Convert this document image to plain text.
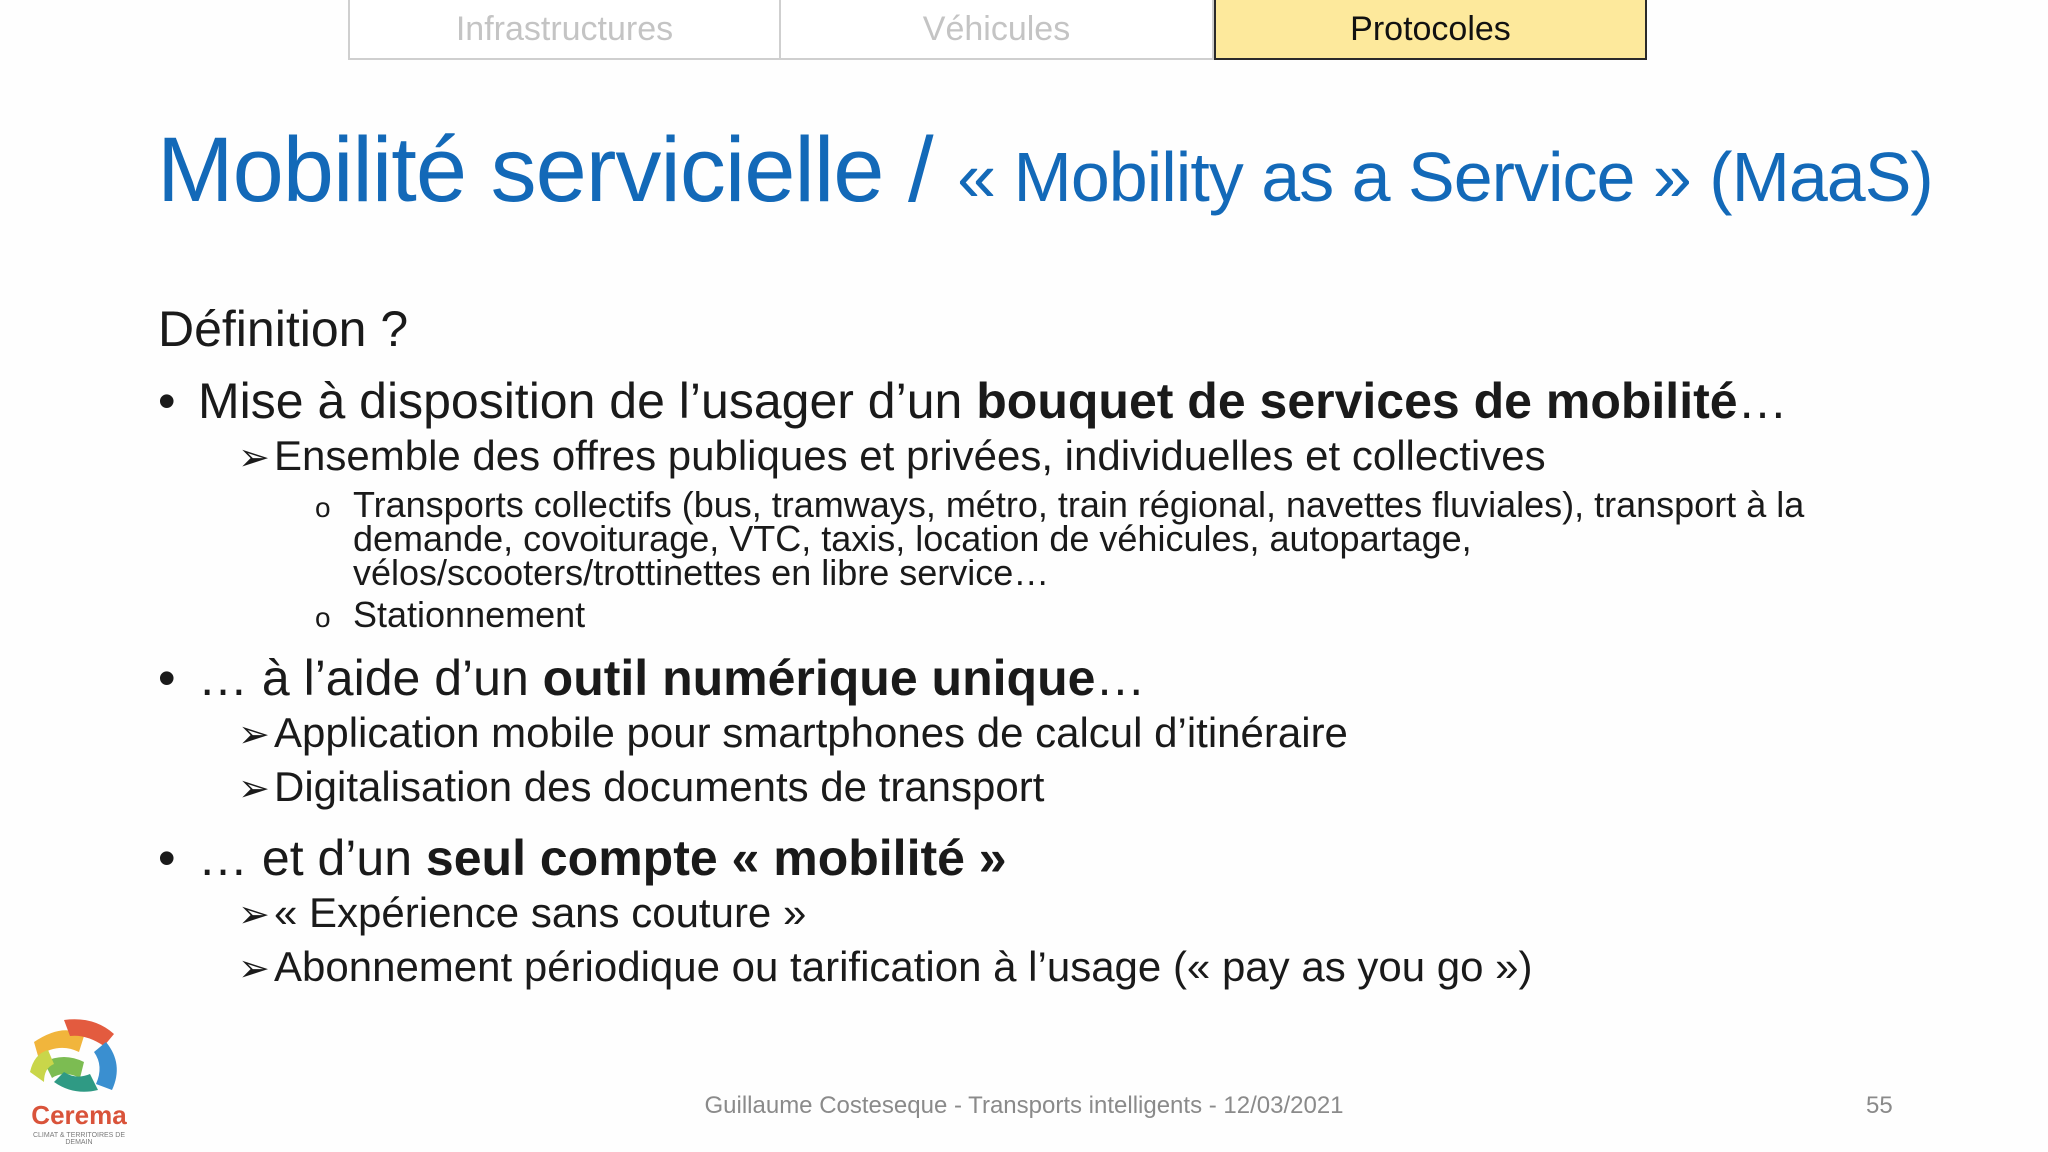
Infrastructures	Véhicules	Protocoles
Mobilité servicielle / « Mobility as a Service » (MaaS)
Définition ?
• Mise à disposition de l’usager d’un bouquet de services de mobilité…
➢ Ensemble des offres publiques et privées, individuelles et collectives
o Transports collectifs (bus, tramways, métro, train régional, navettes fluviales), transport à la
demande, covoiturage, VTC, taxis, location de véhicules, autopartage,
vélos/scooters/trottinettes en libre service…
o Stationnement
• … à l’aide d’un outil numérique unique…
➢ Application mobile pour smartphones de calcul d’itinéraire
➢ Digitalisation des documents de transport
• … et d’un seul compte « mobilité »
➢ « Expérience sans couture »
➢ Abonnement périodique ou tarification à l’usage (« pay as you go »)
Cerema
CLIMAT & TERRITOIRES DE DEMAIN
Guillaume Costeseque - Transports intelligents - 12/03/2021	55
